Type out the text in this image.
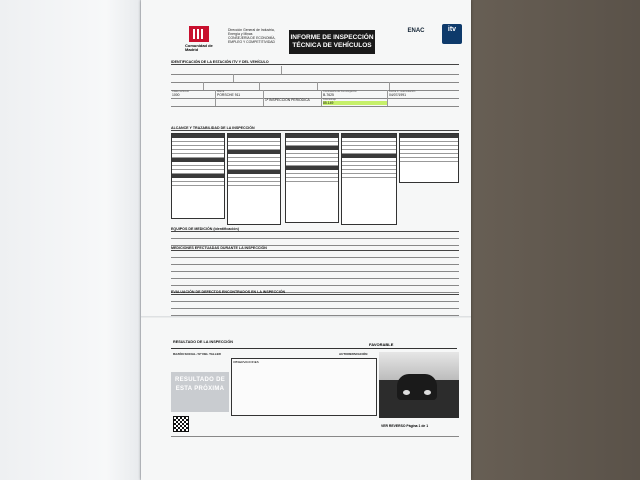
Comunidad de Madrid
Dirección General de Industria,
Energía y Minas
CONSEJERÍA DE ECONOMÍA,
EMPLEO Y COMPETITIVIDAD
INFORME DE INSPECCIÓN
TÉCNICA DE VEHÍCULOS
ENAC	itv
IDENTIFICACIÓN DE LA ESTACIÓN ITV Y DEL VEHÍCULO
Clase vehículo
1000
Marca
PORSCHE 911
Contraseña de homologación
B-7625
Fecha 1ª matriculación
04/07/1991
1ª INSPECCIÓN PERIÓDICA	Kilometraje
85.149
ALCANCE Y TRAZABILIDAD DE LA INSPECCIÓN
EQUIPOS DE MEDICIÓN (identificación)
MEDICIONES EFECTUADAS DURANTE LA INSPECCIÓN
EVALUACIÓN DE DEFECTOS ENCONTRADOS EN LA INSPECCIÓN
RESULTADO DE LA INSPECCIÓN	FAVORABLE
RAZÓN SOCIAL / Nº DEL TALLER	AUTOREPARACIÓN
OBSERVACIONES
RESULTADO DE
ESTA PRÓXIMA
VER REVERSO Página 1 de 1
